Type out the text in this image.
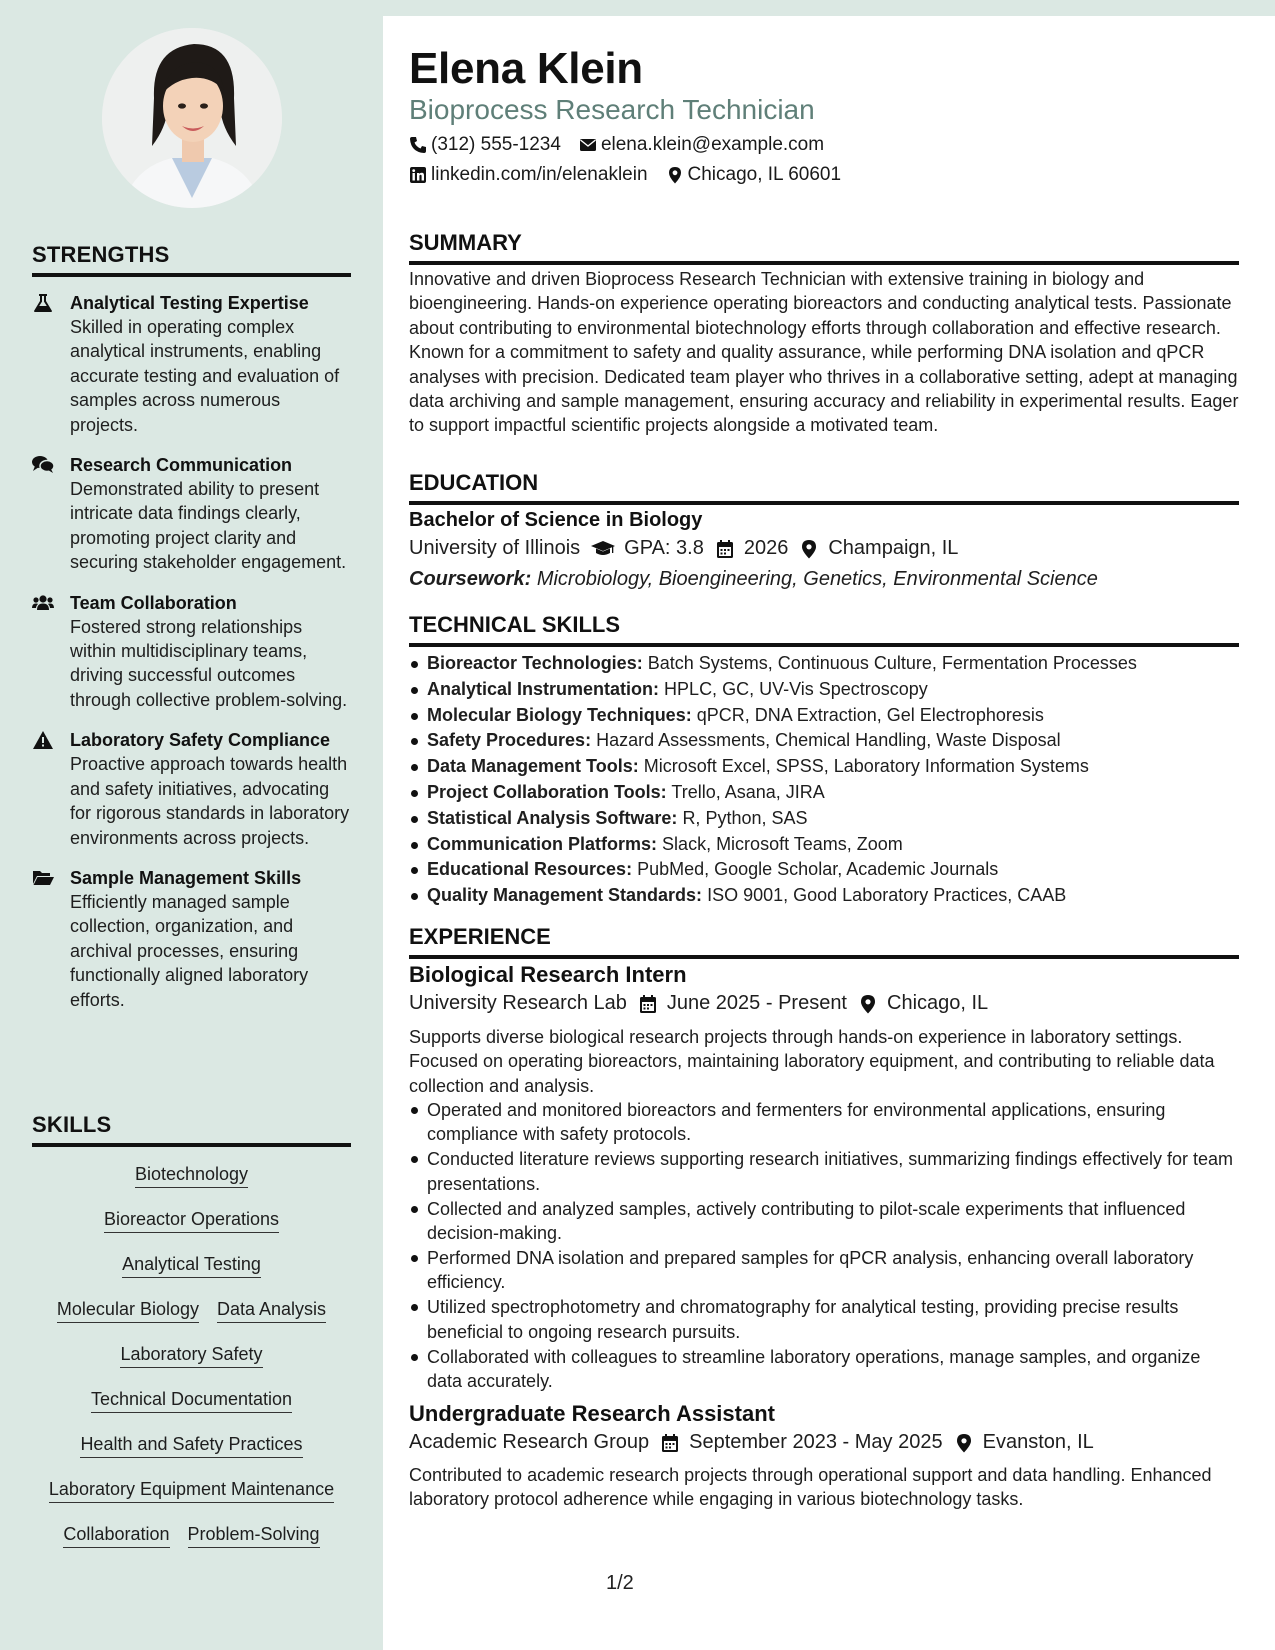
STRENGTHS
Analytical Testing Expertise
Skilled in operating complex analytical instruments, enabling accurate testing and evaluation of samples across numerous projects.
Research Communication
Demonstrated ability to present intricate data findings clearly, promoting project clarity and securing stakeholder engagement.
Team Collaboration
Fostered strong relationships within multidisciplinary teams, driving successful outcomes through collective problem-solving.
Laboratory Safety Compliance
Proactive approach towards health and safety initiatives, advocating for rigorous standards in laboratory environments across projects.
Sample Management Skills
Efficiently managed sample collection, organization, and archival processes, ensuring functionally aligned laboratory efforts.
SKILLS
Biotechnology
Bioreactor Operations
Analytical Testing
Molecular Biology Data Analysis
Laboratory Safety
Technical Documentation
Health and Safety Practices
Laboratory Equipment Maintenance
Collaboration Problem-Solving
Elena Klein
Bioprocess Research Technician
(312) 555-1234 elena.klein@example.com
linkedin.com/in/elenaklein Chicago, IL 60601
SUMMARY

Innovative and driven Bioprocess Research Technician with extensive training in biology and bioengineering. Hands-on experience operating bioreactors and conducting analytical tests. Passionate about contributing to environmental biotechnology efforts through collaboration and effective research. Known for a commitment to safety and quality assurance, while performing DNA isolation and qPCR analyses with precision. Dedicated team player who thrives in a collaborative setting, adept at managing data archiving and sample management, ensuring accuracy and reliability in experimental results. Eager to support impactful scientific projects alongside a motivated team.

EDUCATION
Bachelor of Science in Biology
University of Illinois GPA: 3.8 2026 Champaign, IL
Coursework: Microbiology, Bioengineering, Genetics, Environmental Science
TECHNICAL SKILLS
Bioreactor Technologies: Batch Systems, Continuous Culture, Fermentation Processes
Analytical Instrumentation: HPLC, GC, UV-Vis Spectroscopy
Molecular Biology Techniques: qPCR, DNA Extraction, Gel Electrophoresis
Safety Procedures: Hazard Assessments, Chemical Handling, Waste Disposal
Data Management Tools: Microsoft Excel, SPSS, Laboratory Information Systems
Project Collaboration Tools: Trello, Asana, JIRA
Statistical Analysis Software: R, Python, SAS
Communication Platforms: Slack, Microsoft Teams, Zoom
Educational Resources: PubMed, Google Scholar, Academic Journals
Quality Management Standards: ISO 9001, Good Laboratory Practices, CAAB
EXPERIENCE
Biological Research Intern
University Research Lab June 2025 - Present Chicago, IL

Supports diverse biological research projects through hands-on experience in laboratory settings. Focused on operating bioreactors, maintaining laboratory equipment, and contributing to reliable data collection and analysis.

Operated and monitored bioreactors and fermenters for environmental applications, ensuring compliance with safety protocols.
Conducted literature reviews supporting research initiatives, summarizing findings effectively for team presentations.
Collected and analyzed samples, actively contributing to pilot-scale experiments that influenced decision-making.
Performed DNA isolation and prepared samples for qPCR analysis, enhancing overall laboratory efficiency.
Utilized spectrophotometry and chromatography for analytical testing, providing precise results beneficial to ongoing research pursuits.
Collaborated with colleagues to streamline laboratory operations, manage samples, and organize data accurately.
Undergraduate Research Assistant
Academic Research Group September 2023 - May 2025 Evanston, IL

Contributed to academic research projects through operational support and data handling. Enhanced laboratory protocol adherence while engaging in various biotechnology tasks.

1/2
